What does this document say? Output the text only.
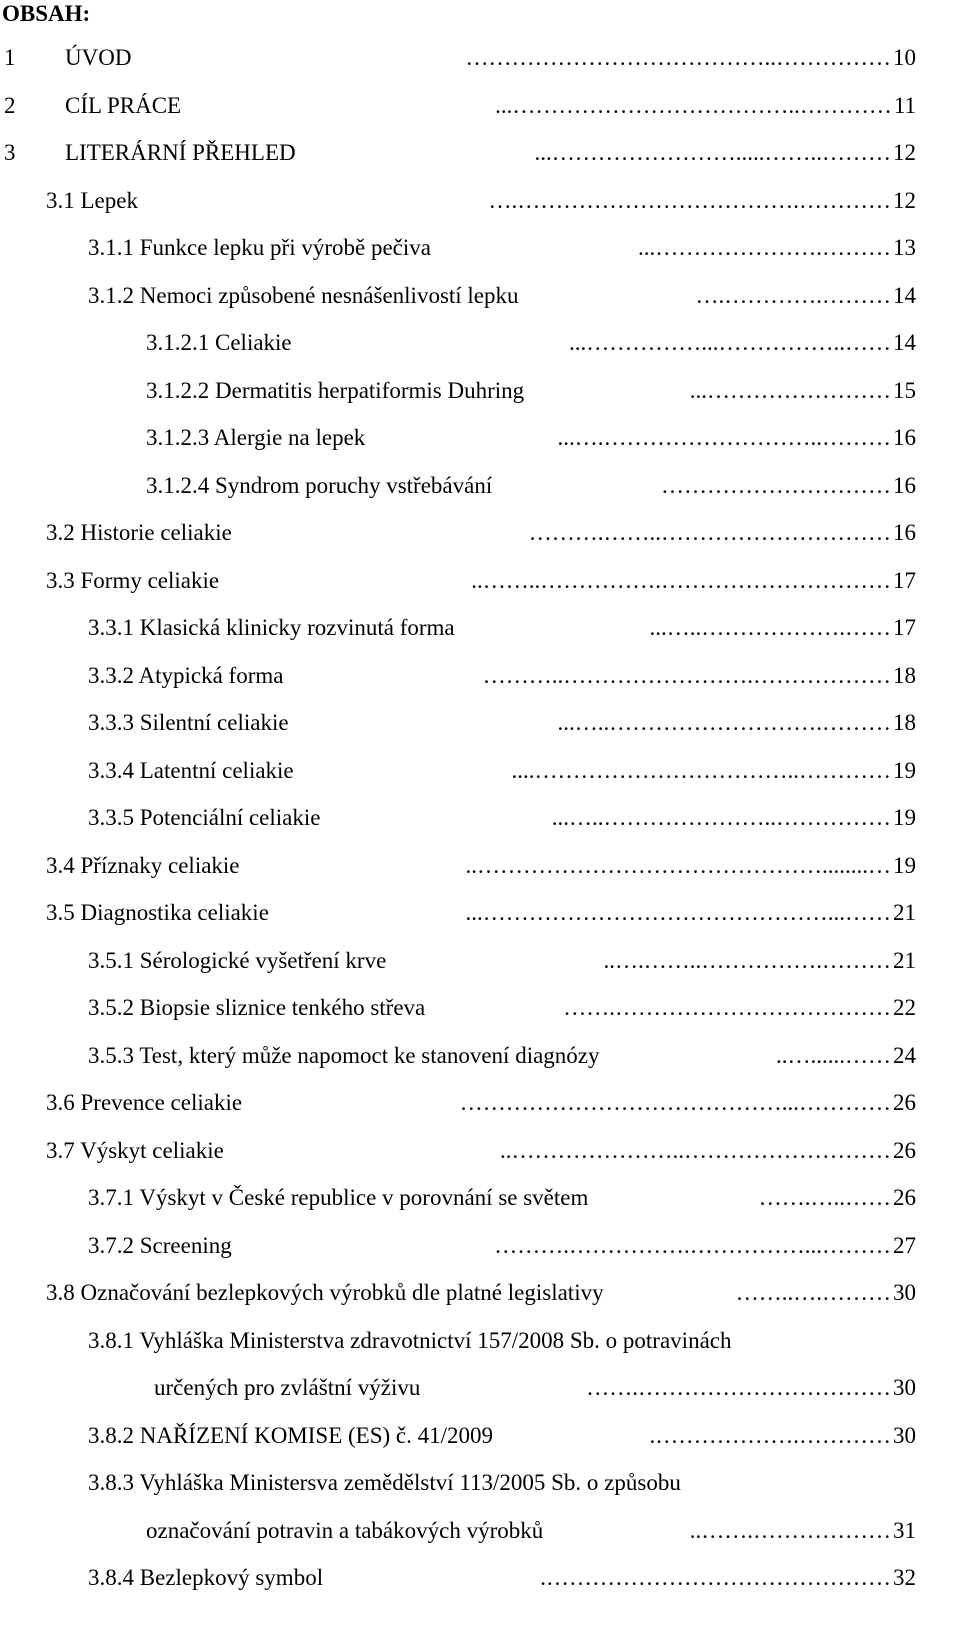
OBSAH:
1 ÚVOD	10
……………..…………………………………
2 CÍL PRÁCE	11
…………..………………………………...
3 LITERÁRNÍ PŘEHLED	12
………..…….....……………………...
3.1 Lepek	12
………….……………………………….…
3.1.1 Funkce lepku při výrobě pečiva	13
……….…………………...
3.1.2 Nemoci způsobené nesnášenlivostí lepku	14
……….………….…
3.1.2.1 Celiakie	14
……..……………...……………...
3.1.2.2 Dermatitis herpatiformis Duhring	15
……………………...
3.1.2.3 Alergie na lepek	16
………..……………………….…...
3.1.2.4 Syndrom poruchy vstřebávání	16
…………………………
3.2 Historie celiakie	16
…………………………..…….………
3.3 Formy celiakie	17
………………………….……………..……..
3.3.1 Klasická klinicky rozvinutá forma	17
…….………………..…...
3.3.2 Atypická forma	18
……………….……………………..………
3.3.3 Silentní celiakie	18
……….………………………..…...
3.3.4 Latentní celiakie	19
…………..……………………………....
3.3.5 Potenciální celiakie	19
……………..…………………..…...
3.4 Příznaky celiakie	19
…........………………………………………..
3.5 Diagnostika celiakie	21
……...………………………………………...
3.5.1 Sérologické vyšetření krve	21
……….……………..…….…..
3.5.2 Biopsie sliznice tenkého střeva	22
……………………………….……
3.5.3 Test, který může napomoct ke stanovení diagnózy	24
……......…..
3.6 Prevence celiakie	26
…………...……………………………………
3.7 Výskyt celiakie	26
………………………..…………………..
3.7.1 Výskyt v České republice v porovnání se světem	26
……..….……
3.7.2 Screening	27
………...…………….…………….………
3.8 Označování bezlepkových výrobků dle platné legislativy	30
……….…..……
3.8.1 Vyhláška Ministerstva zdravotnictví 157/2008 Sb. o potravinách
určených pro zvláštní výživu	30
…………………………….……
3.8.2 NAŘÍZENÍ KOMISE (ES) č. 41/2009	30
………….……………….
3.8.3 Vyhláška Ministersva zemědělství 113/2005 Sb. o způsobu
označování potravin a tabákových výrobků	31
……………….……..
3.8.4 Bezlepkový symbol	32
……………………………………….
